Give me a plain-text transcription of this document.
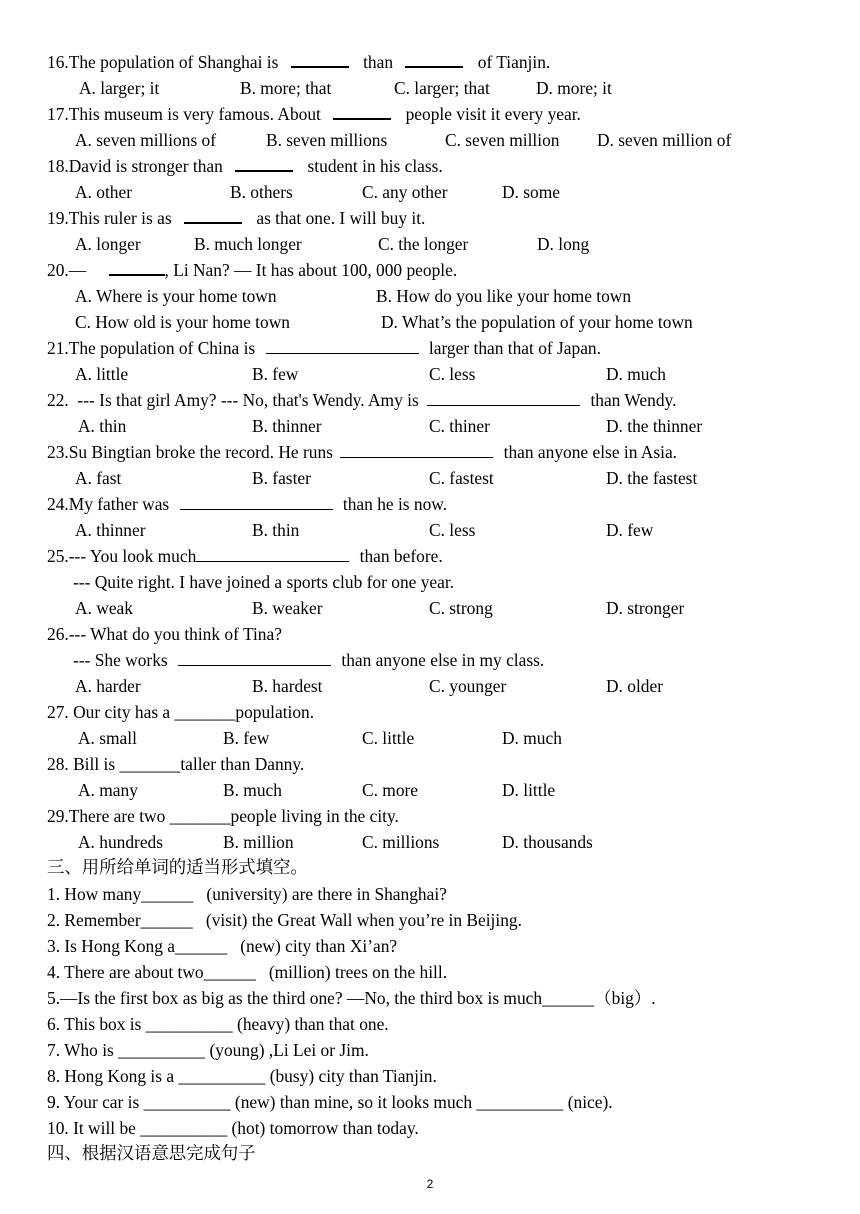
16.The population of Shanghai is	than	of Tianjin.
A. larger; it	B. more; that	C. larger; that	D. more; it
17.This museum is very famous. About	people visit it every year.
A. seven millions of	B. seven millions	C. seven million D. seven million of
18.David is stronger than	student in his class.
A. other	B. others	C. any other	D. some
19.This ruler is as	as that one. I will buy it.
A. longer	B. much longer	C. the longer	D. long
20.—	, Li Nan? — It has about 100, 000 people.
A. Where is your home town	B. How do you like your home town
C. How old is your home town	D. What’s the population of your home town
21.The population of China is	larger than that of Japan.
A. little	B. few	C. less	D. much
22.  --- Is that girl Amy? --- No, that's Wendy. Amy is	than Wendy.
A. thin	B. thinner	C. thiner	D. the thinner
23.Su Bingtian broke the record. He runs	than anyone else in Asia.
A. fast	B. faster	C. fastest	D. the fastest
24.My father was	than he is now.
A. thinner	B. thin	C. less	D. few
25.--- You look much	than before.
--- Quite right. I have joined a sports club for one year.
A. weak	B. weaker	C. strong	D. stronger
26.--- What do you think of Tina?
--- She works	than anyone else in my class.
A. harder	B. hardest	C. younger	D. older
27. Our city has a _______population.
A. small	B. few	C. little	D. much
28. Bill is _______taller than Danny.
A. many	B. much	C. more	D. little
29.There are two _______people living in the city.
A. hundreds	B. million	C. millions	D. thousands
三、用所给单词的适当形式填空。
1. How many______   (university) are there in Shanghai?
2. Remember______   (visit) the Great Wall when you’re in Beijing.
3. Is Hong Kong a______   (new) city than Xi’an?
4. There are about two______   (million) trees on the hill.
5.—Is the first box as big as the third one? —No, the third box is much______（big）.
6. This box is __________ (heavy) than that one.
7. Who is __________ (young) ,Li Lei or Jim.
8. Hong Kong is a __________ (busy) city than Tianjin.
9. Your car is __________ (new) than mine, so it looks much __________ (nice).
10. It will be __________ (hot) tomorrow than today.
四、根据汉语意思完成句子
2
